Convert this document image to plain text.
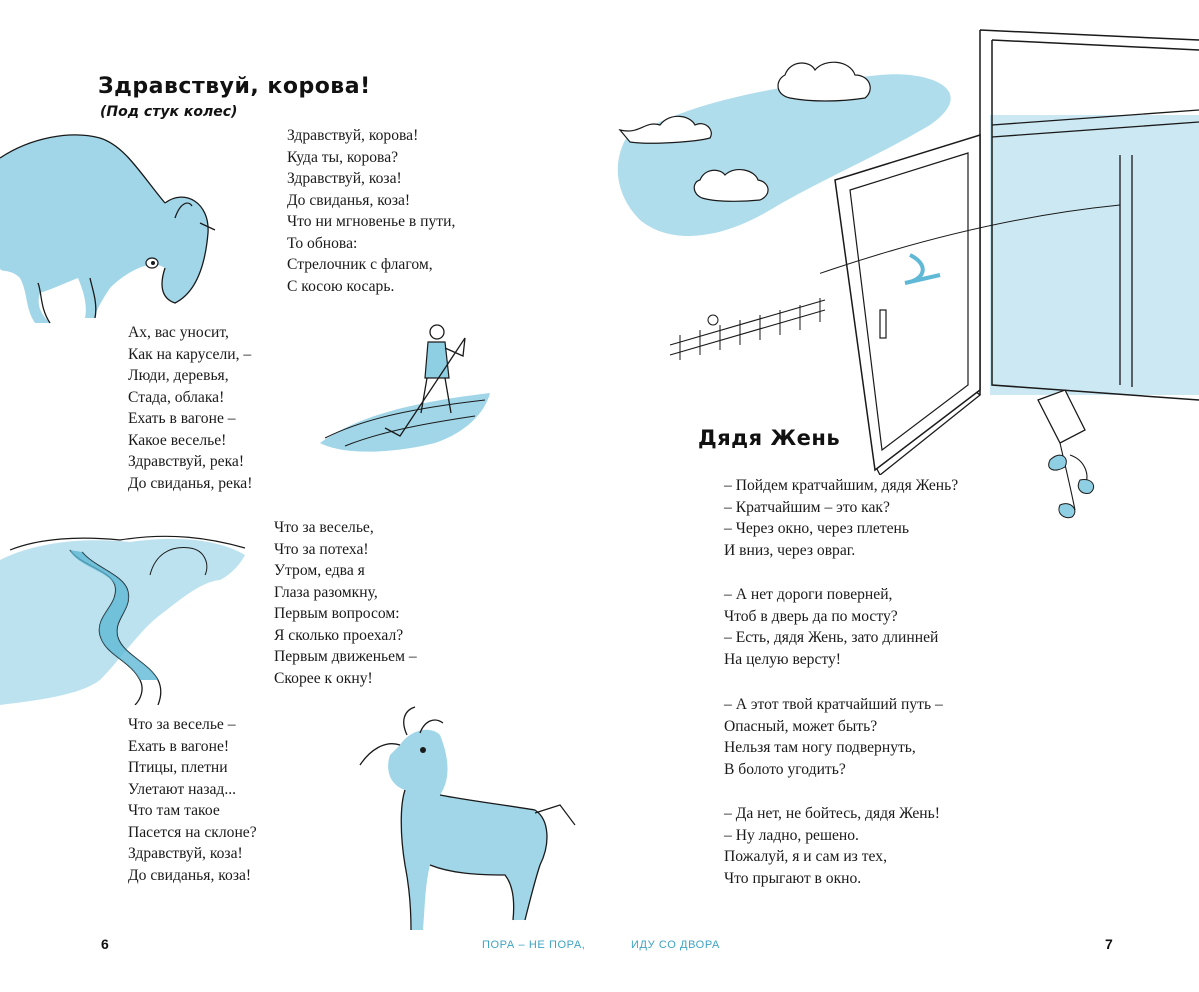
Здравствуй, корова!
(Под стук колес)
Здравствуй, корова!
Куда ты, корова?
Здравствуй, коза!
До свиданья, коза!
Что ни мгновенье в пути,
То обнова:
Стрелочник с флагом,
С косою косарь.
Ах, вас уносит,
Как на карусели, –
Люди, деревья,
Стада, облака!
Ехать в вагоне –
Какое веселье!
Здравствуй, река!
До свиданья, река!
Что за веселье,
Что за потеха!
Утром, едва я
Глаза разомкну,
Первым вопросом:
Я сколько проехал?
Первым движеньем –
Скорее к окну!
Что за веселье –
Ехать в вагоне!
Птицы, плетни
Улетают назад...
Что там такое
Пасется на склоне?
Здравствуй, коза!
До свиданья, коза!
6	ПОРА – НЕ ПОРА,
Дядя Жень
– Пойдем кратчайшим, дядя Жень?
– Кратчайшим – это как?
– Через окно, через плетень
И вниз, через овраг.
– А нет дороги поверней,
Чтоб в дверь да по мосту?
– Есть, дядя Жень, зато длинней
На целую версту!
– А этот твой кратчайший путь –
Опасный, может быть?
Нельзя там ногу подвернуть,
В болото угодить?
– Да нет, не бойтесь, дядя Жень!
– Ну ладно, решено.
Пожалуй, я и сам из тех,
Что прыгают в окно.
ИДУ СО ДВОРА	7
